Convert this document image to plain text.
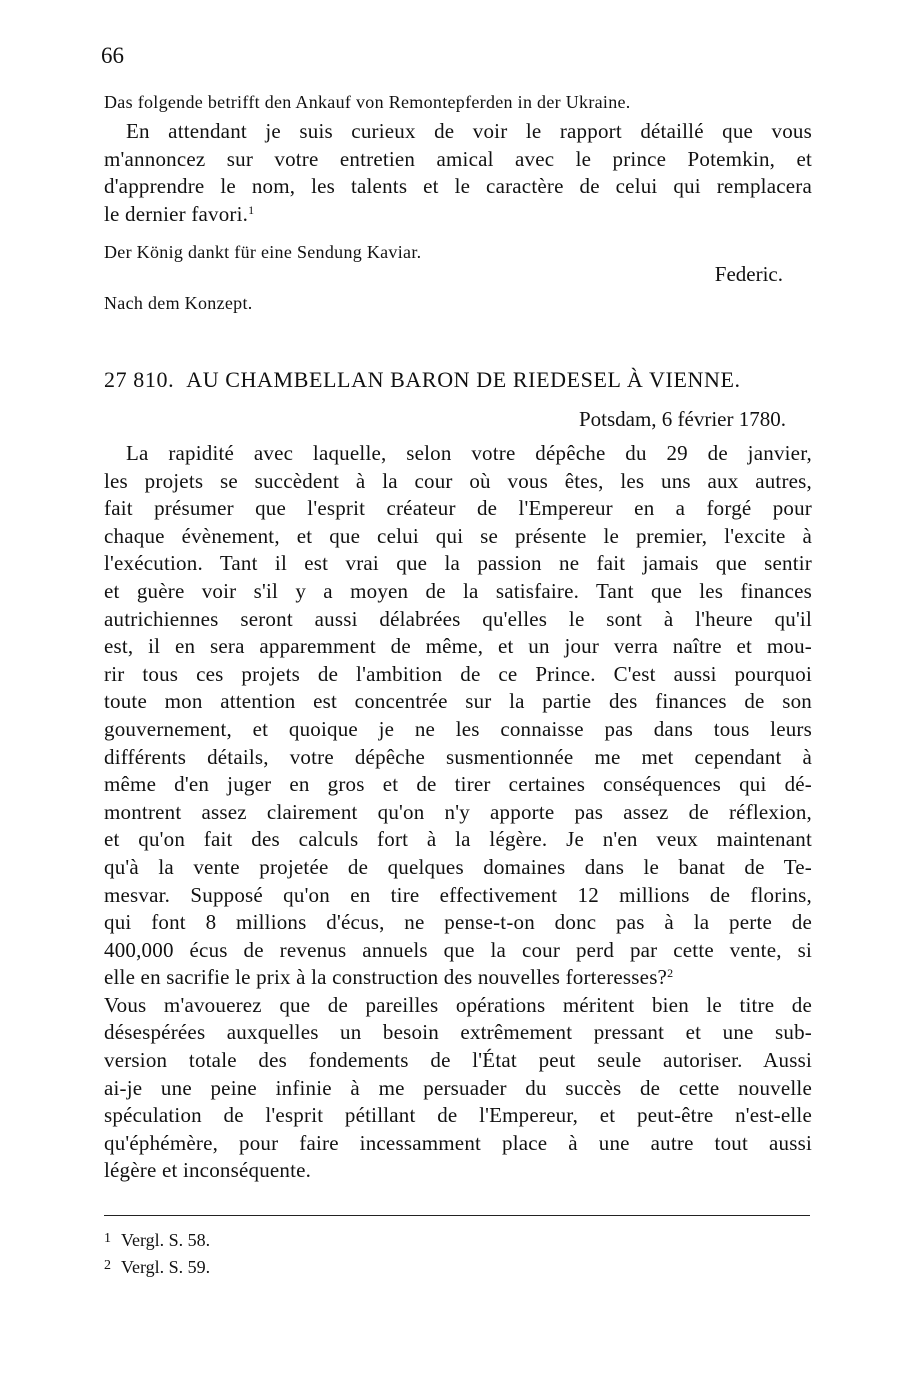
66
Das folgende betrifft den Ankauf von Remontepferden in der Ukraine.
En attendant je suis curieux de voir le rapport détaillé que vous
m'annoncez sur votre entretien amical avec le prince Potemkin, et
d'apprendre le nom, les talents et le caractère de celui qui remplacera
le dernier favori.$^1$
Der König dankt für eine Sendung Kaviar.
Federic.
Nach dem Konzept.
27 810. AU CHAMBELLAN BARON DE RIEDESEL À VIENNE.
Potsdam, 6 février 1780.
La rapidité avec laquelle, selon votre dépêche du 29 de janvier,
les projets se succèdent à la cour où vous êtes, les uns aux autres,
fait présumer que l'esprit créateur de l'Empereur en a forgé pour
chaque évènement, et que celui qui se présente le premier, l'excite à
l'exécution. Tant il est vrai que la passion ne fait jamais que sentir
et guère voir s'il y a moyen de la satisfaire. Tant que les finances
autrichiennes seront aussi délabrées qu'elles le sont à l'heure qu'il
est, il en sera apparemment de même, et un jour verra naître et mou-
rir tous ces projets de l'ambition de ce Prince. C'est aussi pourquoi
toute mon attention est concentrée sur la partie des finances de son
gouvernement, et quoique je ne les connaisse pas dans tous leurs
différents détails, votre dépêche susmentionnée me met cependant à
même d'en juger en gros et de tirer certaines conséquences qui dé-
montrent assez clairement qu'on n'y apporte pas assez de réflexion,
et qu'on fait des calculs fort à la légère. Je n'en veux maintenant
qu'à la vente projetée de quelques domaines dans le banat de Te-
mesvar. Supposé qu'on en tire effectivement 12 millions de florins,
qui font 8 millions d'écus, ne pense-t-on donc pas à la perte de
400,000 écus de revenus annuels que la cour perd par cette vente, si
elle en sacrifie le prix à la construction des nouvelles forteresses?$^2$
Vous m'avouerez que de pareilles opérations méritent bien le titre de
désespérées auxquelles un besoin extrêmement pressant et une sub-
version totale des fondements de l'État peut seule autoriser. Aussi
ai-je une peine infinie à me persuader du succès de cette nouvelle
spéculation de l'esprit pétillant de l'Empereur, et peut-être n'est-elle
qu'éphémère, pour faire incessamment place à une autre tout aussi
légère et inconséquente.
1 Vergl. S. 58.
2 Vergl. S. 59.
